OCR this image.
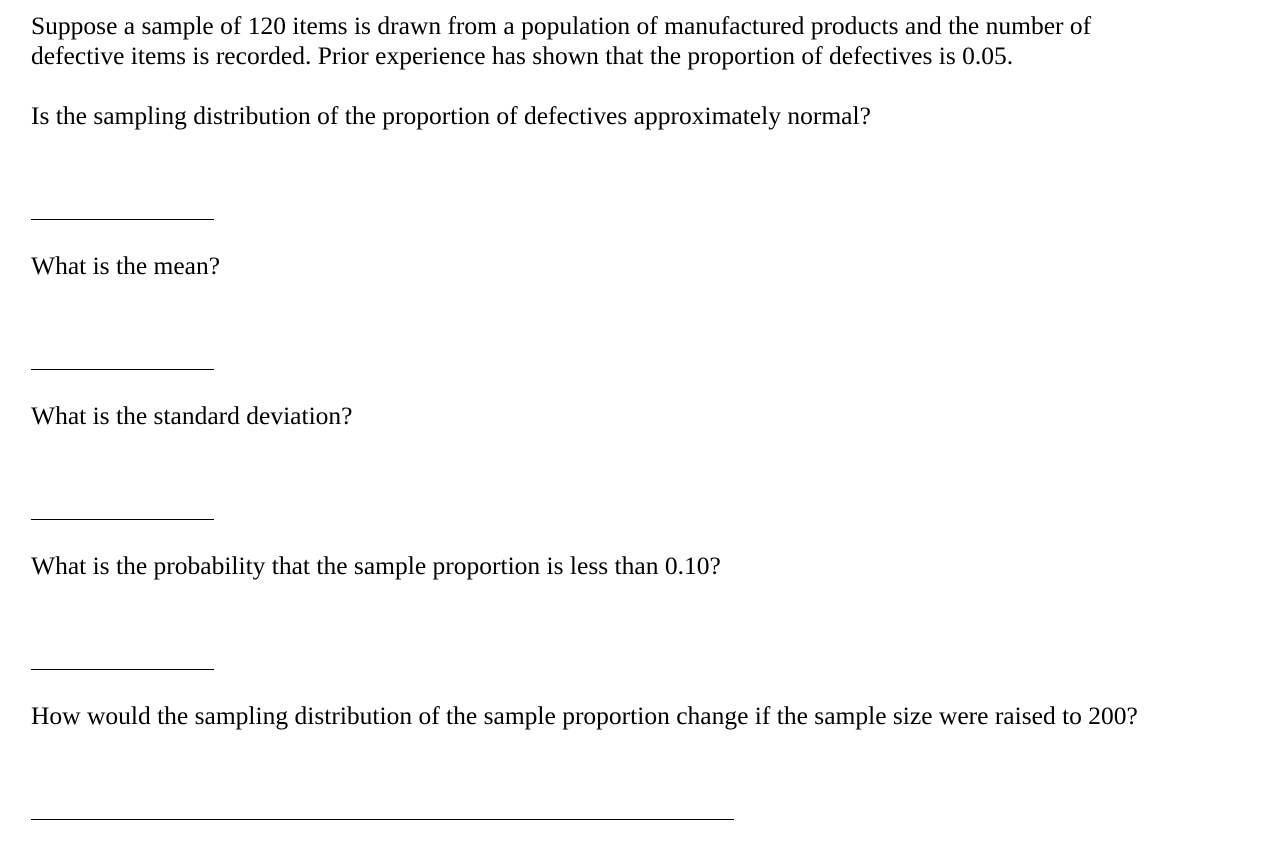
Suppose a sample of 120 items is drawn from a population of manufactured products and the number of
defective items is recorded. Prior experience has shown that the proportion of defectives is 0.05.

Is the sampling distribution of the proportion of defectives approximately normal?

What is the mean?

What is the standard deviation?

What is the probability that the sample proportion is less than 0.10?

How would the sampling distribution of the sample proportion change if the sample size were raised to 200?
